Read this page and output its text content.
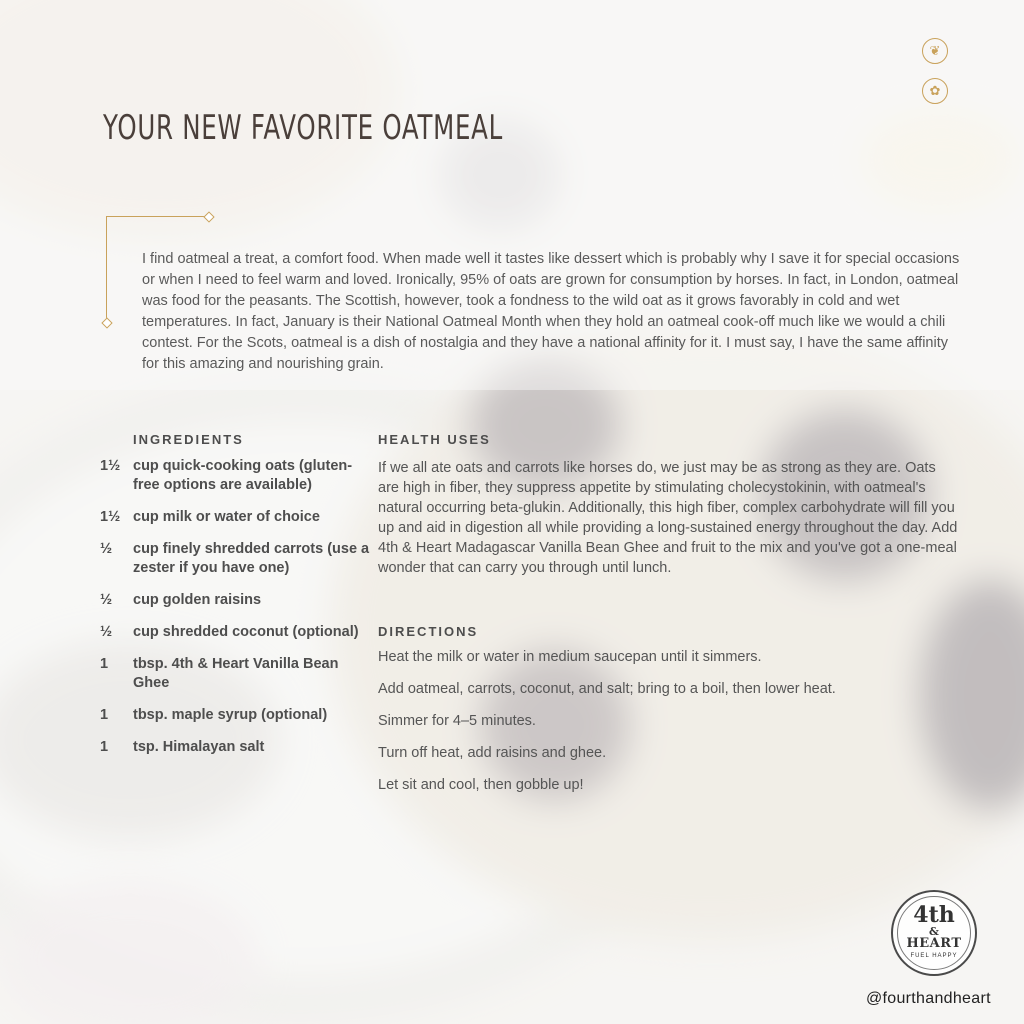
YOUR NEW FAVORITE OATMEAL
❦
✿

I find oatmeal a treat, a comfort food. When made well it tastes like dessert which is probably why I save it for special occasions or when I need to feel warm and loved. Ironically, 95% of oats are grown for consumption by horses. In fact, in London, oatmeal was food for the peasants. The Scottish, however, took a fondness to the wild oat as it grows favorably in cold and wet temperatures. In fact, January is their National Oatmeal Month when they hold an oatmeal cook-off much like we would a chili contest. For the Scots, oatmeal is a dish of nostalgia and they have a national affinity for it. I must say, I have the same affinity for this amazing and nourishing grain.

INGREDIENTS
1½ cup quick-cooking oats (gluten-free options are available)
1½ cup milk or water of choice
½	cup finely shredded carrots (use a zester if you have one)
½	cup golden raisins
½	cup shredded coconut (optional)
1	tbsp. 4th & Heart Vanilla Bean Ghee
1	tbsp. maple syrup (optional)
1	tsp. Himalayan salt
HEALTH USES

If we all ate oats and carrots like horses do, we just may be as strong as they are. Oats are high in fiber, they suppress appetite by stimulating cholecystokinin, with oatmeal's natural occurring beta-glukin. Additionally, this high fiber, complex carbohydrate will fill you up and aid in digestion all while providing a long-sustained energy throughout the day. Add 4th & Heart Madagascar Vanilla Bean Ghee and fruit to the mix and you've got a one-meal wonder that can carry you through until lunch.

DIRECTIONS
Heat the milk or water in medium saucepan until it simmers.
Add oatmeal, carrots, coconut, and salt; bring to a boil, then lower heat.
Simmer for 4–5 minutes.
Turn off heat, add raisins and ghee.
Let sit and cool, then gobble up!
4th
&
HEART
FUEL HAPPY
@fourthandheart
